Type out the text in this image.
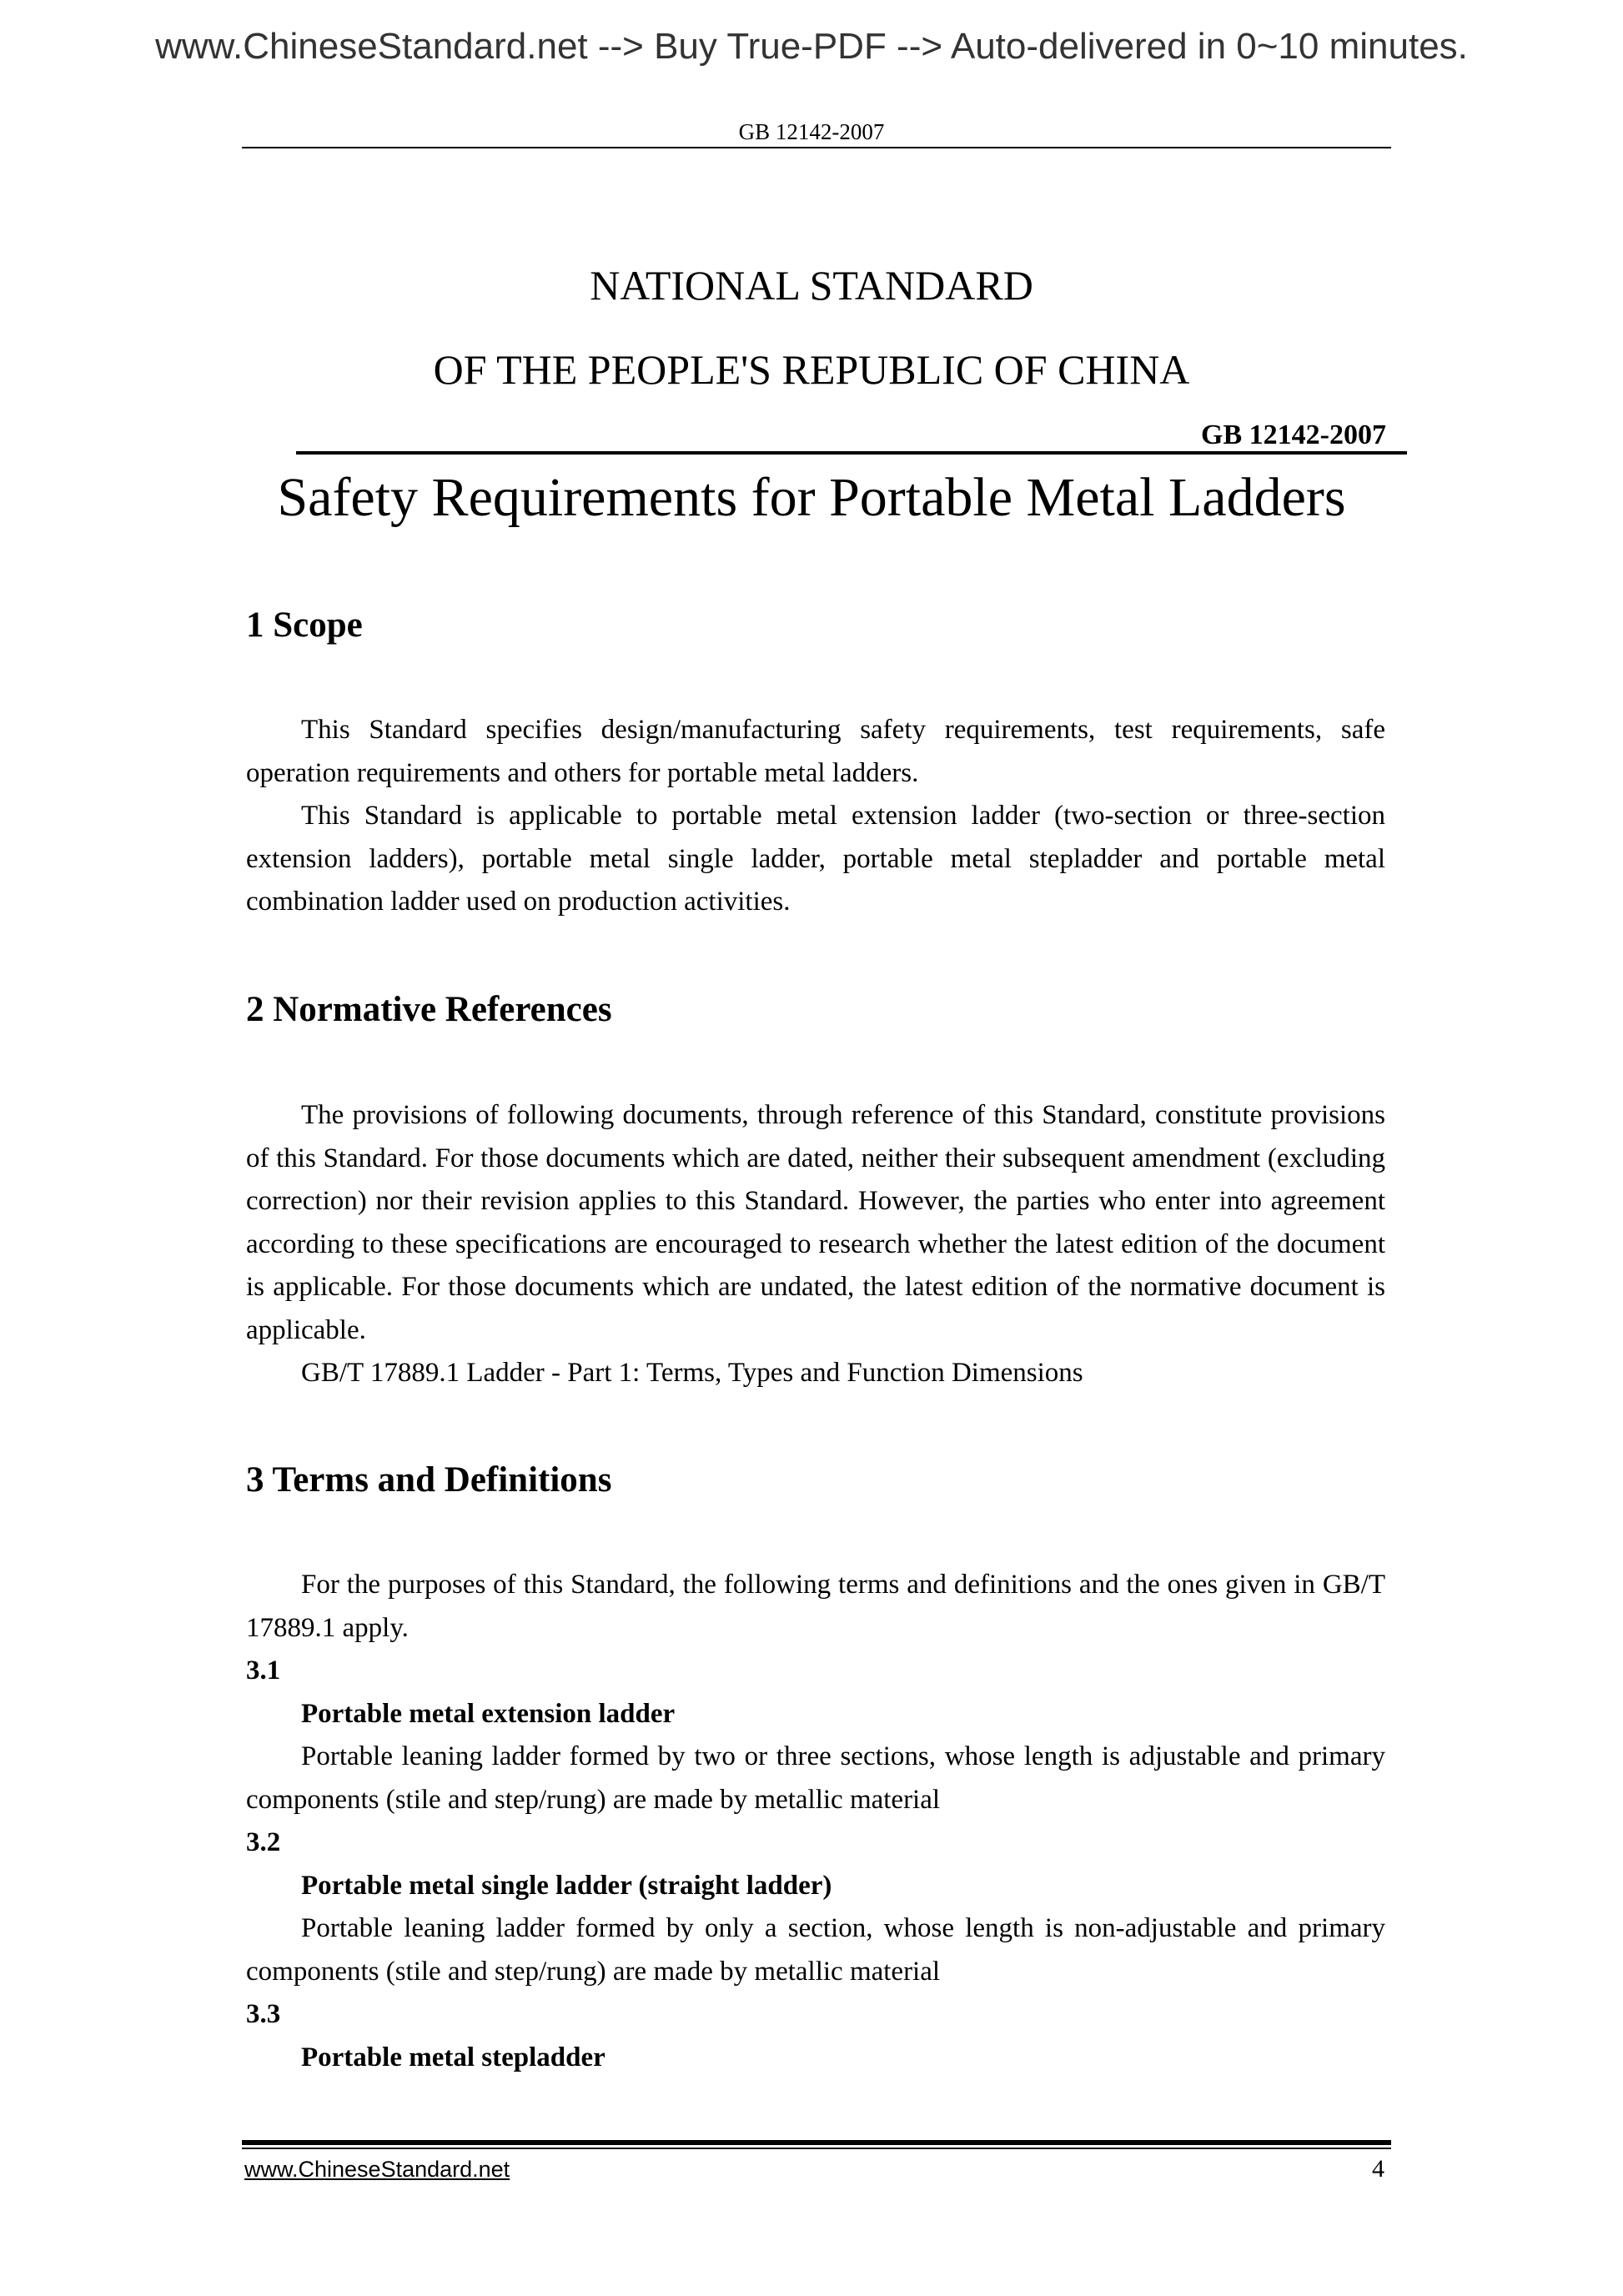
www.ChineseStandard.net --> Buy True-PDF --> Auto-delivered in 0~10 minutes.
GB 12142-2007
NATIONAL STANDARD
OF THE PEOPLE'S REPUBLIC OF CHINA
GB 12142-2007
Safety Requirements for Portable Metal Ladders
1 Scope
This Standard specifies design/manufacturing safety requirements, test requirements, safe operation requirements and others for portable metal ladders.
This Standard is applicable to portable metal extension ladder (two-section or three-section extension ladders), portable metal single ladder, portable metal stepladder and portable metal combination ladder used on production activities.
2 Normative References
The provisions of following documents, through reference of this Standard, constitute provisions of this Standard. For those documents which are dated, neither their subsequent amendment (excluding correction) nor their revision applies to this Standard. However, the parties who enter into agreement according to these specifications are encouraged to research whether the latest edition of the document is applicable. For those documents which are undated, the latest edition of the normative document is applicable.
GB/T 17889.1 Ladder - Part 1: Terms, Types and Function Dimensions
3 Terms and Definitions
For the purposes of this Standard, the following terms and definitions and the ones given in GB/T 17889.1 apply.
3.1
Portable metal extension ladder
Portable leaning ladder formed by two or three sections, whose length is adjustable and primary components (stile and step/rung) are made by metallic material
3.2
Portable metal single ladder (straight ladder)
Portable leaning ladder formed by only a section, whose length is non-adjustable and primary components (stile and step/rung) are made by metallic material
3.3
Portable metal stepladder
www.ChineseStandard.net	4
